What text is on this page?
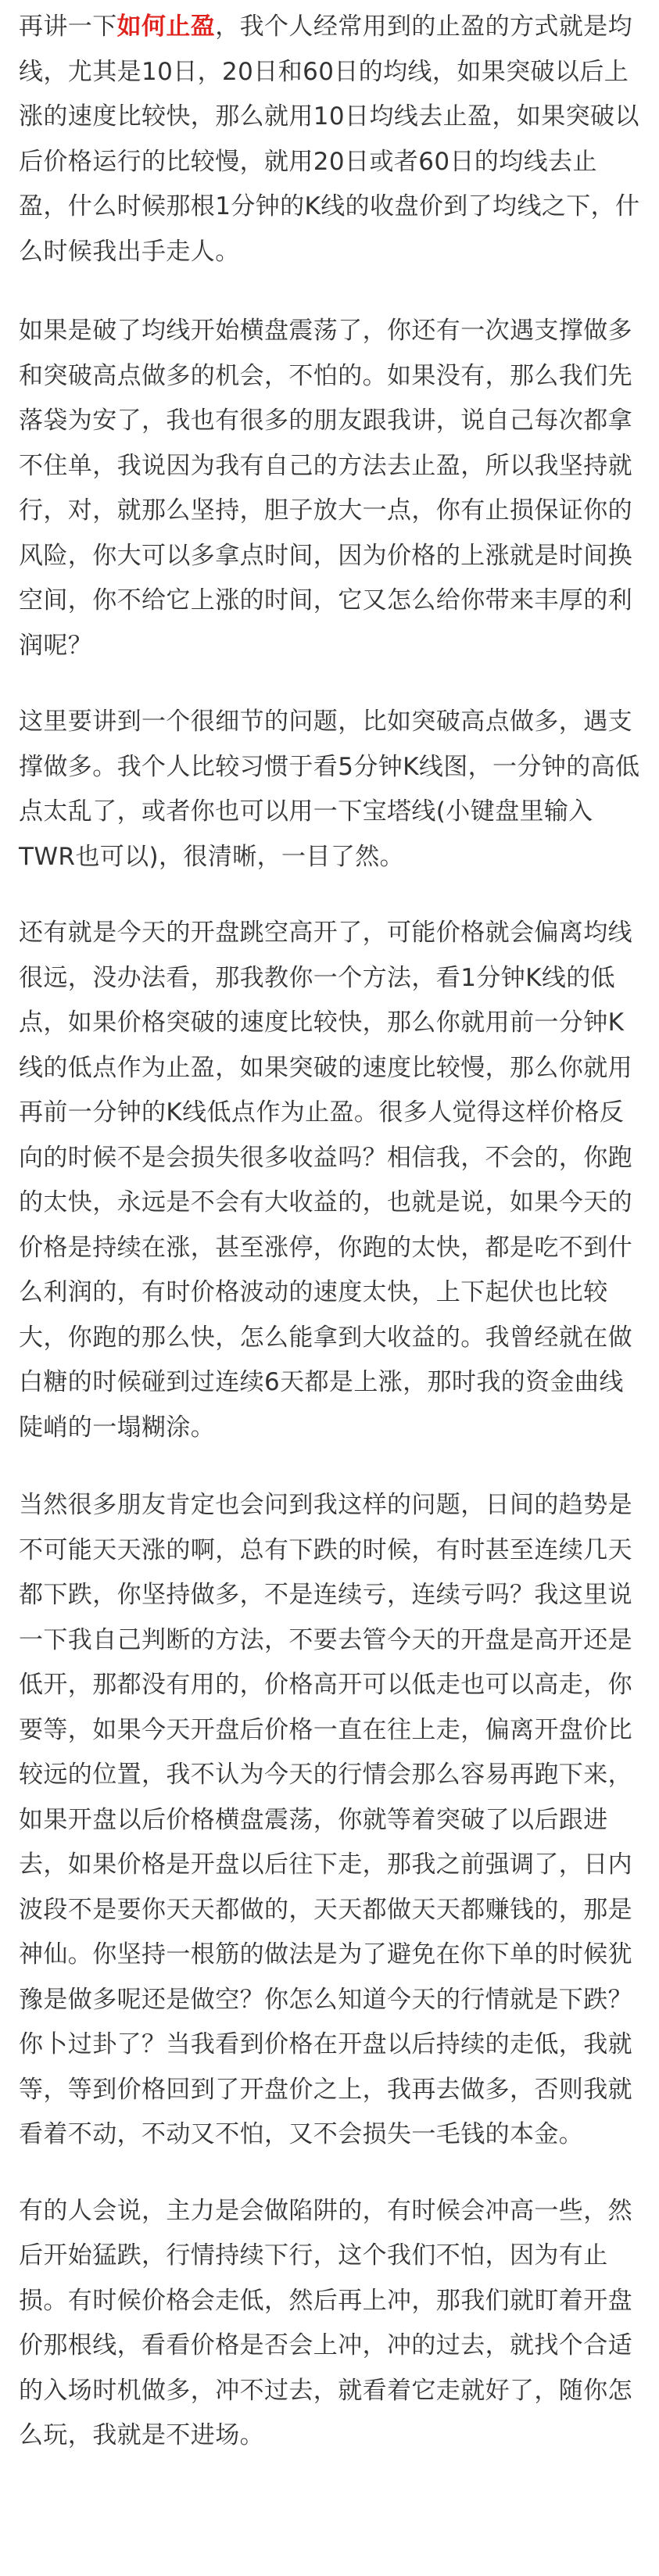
再讲一下如何止盈，我个人经常用到的止盈的方式就是均线，尤其是10日，20日和60日的均线，如果突破以后上涨的速度比较快，那么就用10日均线去止盈，如果突破以后价格运行的比较慢，就用20日或者60日的均线去止盈，什么时候那根1分钟的K线的收盘价到了均线之下，什么时候我出手走人。

如果是破了均线开始横盘震荡了，你还有一次遇支撑做多和突破高点做多的机会，不怕的。如果没有，那么我们先落袋为安了，我也有很多的朋友跟我讲，说自己每次都拿不住单，我说因为我有自己的方法去止盈，所以我坚持就行，对，就那么坚持，胆子放大一点，你有止损保证你的风险，你大可以多拿点时间，因为价格的上涨就是时间换空间，你不给它上涨的时间，它又怎么给你带来丰厚的利润呢？

这里要讲到一个很细节的问题，比如突破高点做多，遇支撑做多。我个人比较习惯于看5分钟K线图，一分钟的高低点太乱了，或者你也可以用一下宝塔线(小键盘里输入TWR也可以)，很清晰，一目了然。

还有就是今天的开盘跳空高开了，可能价格就会偏离均线很远，没办法看，那我教你一个方法，看1分钟K线的低点，如果价格突破的速度比较快，那么你就用前一分钟K线的低点作为止盈，如果突破的速度比较慢，那么你就用再前一分钟的K线低点作为止盈。很多人觉得这样价格反向的时候不是会损失很多收益吗？相信我，不会的，你跑的太快，永远是不会有大收益的，也就是说，如果今天的价格是持续在涨，甚至涨停，你跑的太快，都是吃不到什么利润的，有时价格波动的速度太快，上下起伏也比较大，你跑的那么快，怎么能拿到大收益的。我曾经就在做白糖的时候碰到过连续6天都是上涨，那时我的资金曲线陡峭的一塌糊涂。

当然很多朋友肯定也会问到我这样的问题，日间的趋势是不可能天天涨的啊，总有下跌的时候，有时甚至连续几天都下跌，你坚持做多，不是连续亏，连续亏吗？我这里说一下我自己判断的方法，不要去管今天的开盘是高开还是低开，那都没有用的，价格高开可以低走也可以高走，你要等，如果今天开盘后价格一直在往上走，偏离开盘价比较远的位置，我不认为今天的行情会那么容易再跑下来，如果开盘以后价格横盘震荡，你就等着突破了以后跟进去，如果价格是开盘以后往下走，那我之前强调了，日内波段不是要你天天都做的，天天都做天天都赚钱的，那是神仙。你坚持一根筋的做法是为了避免在你下单的时候犹豫是做多呢还是做空？你怎么知道今天的行情就是下跌？你卜过卦了？当我看到价格在开盘以后持续的走低，我就等，等到价格回到了开盘价之上，我再去做多，否则我就看着不动，不动又不怕，又不会损失一毛钱的本金。

有的人会说，主力是会做陷阱的，有时候会冲高一些，然后开始猛跌，行情持续下行，这个我们不怕，因为有止损。有时候价格会走低，然后再上冲，那我们就盯着开盘价那根线，看看价格是否会上冲，冲的过去，就找个合适的入场时机做多，冲不过去，就看着它走就好了，随你怎么玩，我就是不进场。
